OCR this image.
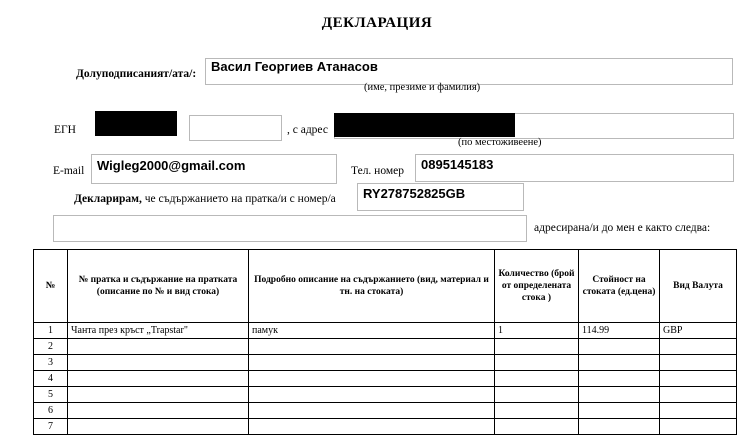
ДЕКЛАРАЦИЯ
Долуподписаният/ата/:	Васил Георгиев Атанасов
(име, презиме и фамилия)
ЕГН	, с адрес
(по местоживеене)
E-mail Wigleg2000@gmail.com	Тел. номер	0895145183
Декларирам, че съдържанието на пратка/и с номер/а	RY278752825GB
адресирана/и до мен е както следва:
№	№ пратка и съдържание на пратката (описание по № и вид стока)	Подробно описание на съдържанието (вид, материал и тн. на стоката)	Количество (брой от определената стока )	Стойност на стоката (ед.цена)	Вид Валута
1	Чанта през кръст „Trapstar"	памук	1	114.99	GBP
2					
3					
4					
5					
6					
7					
